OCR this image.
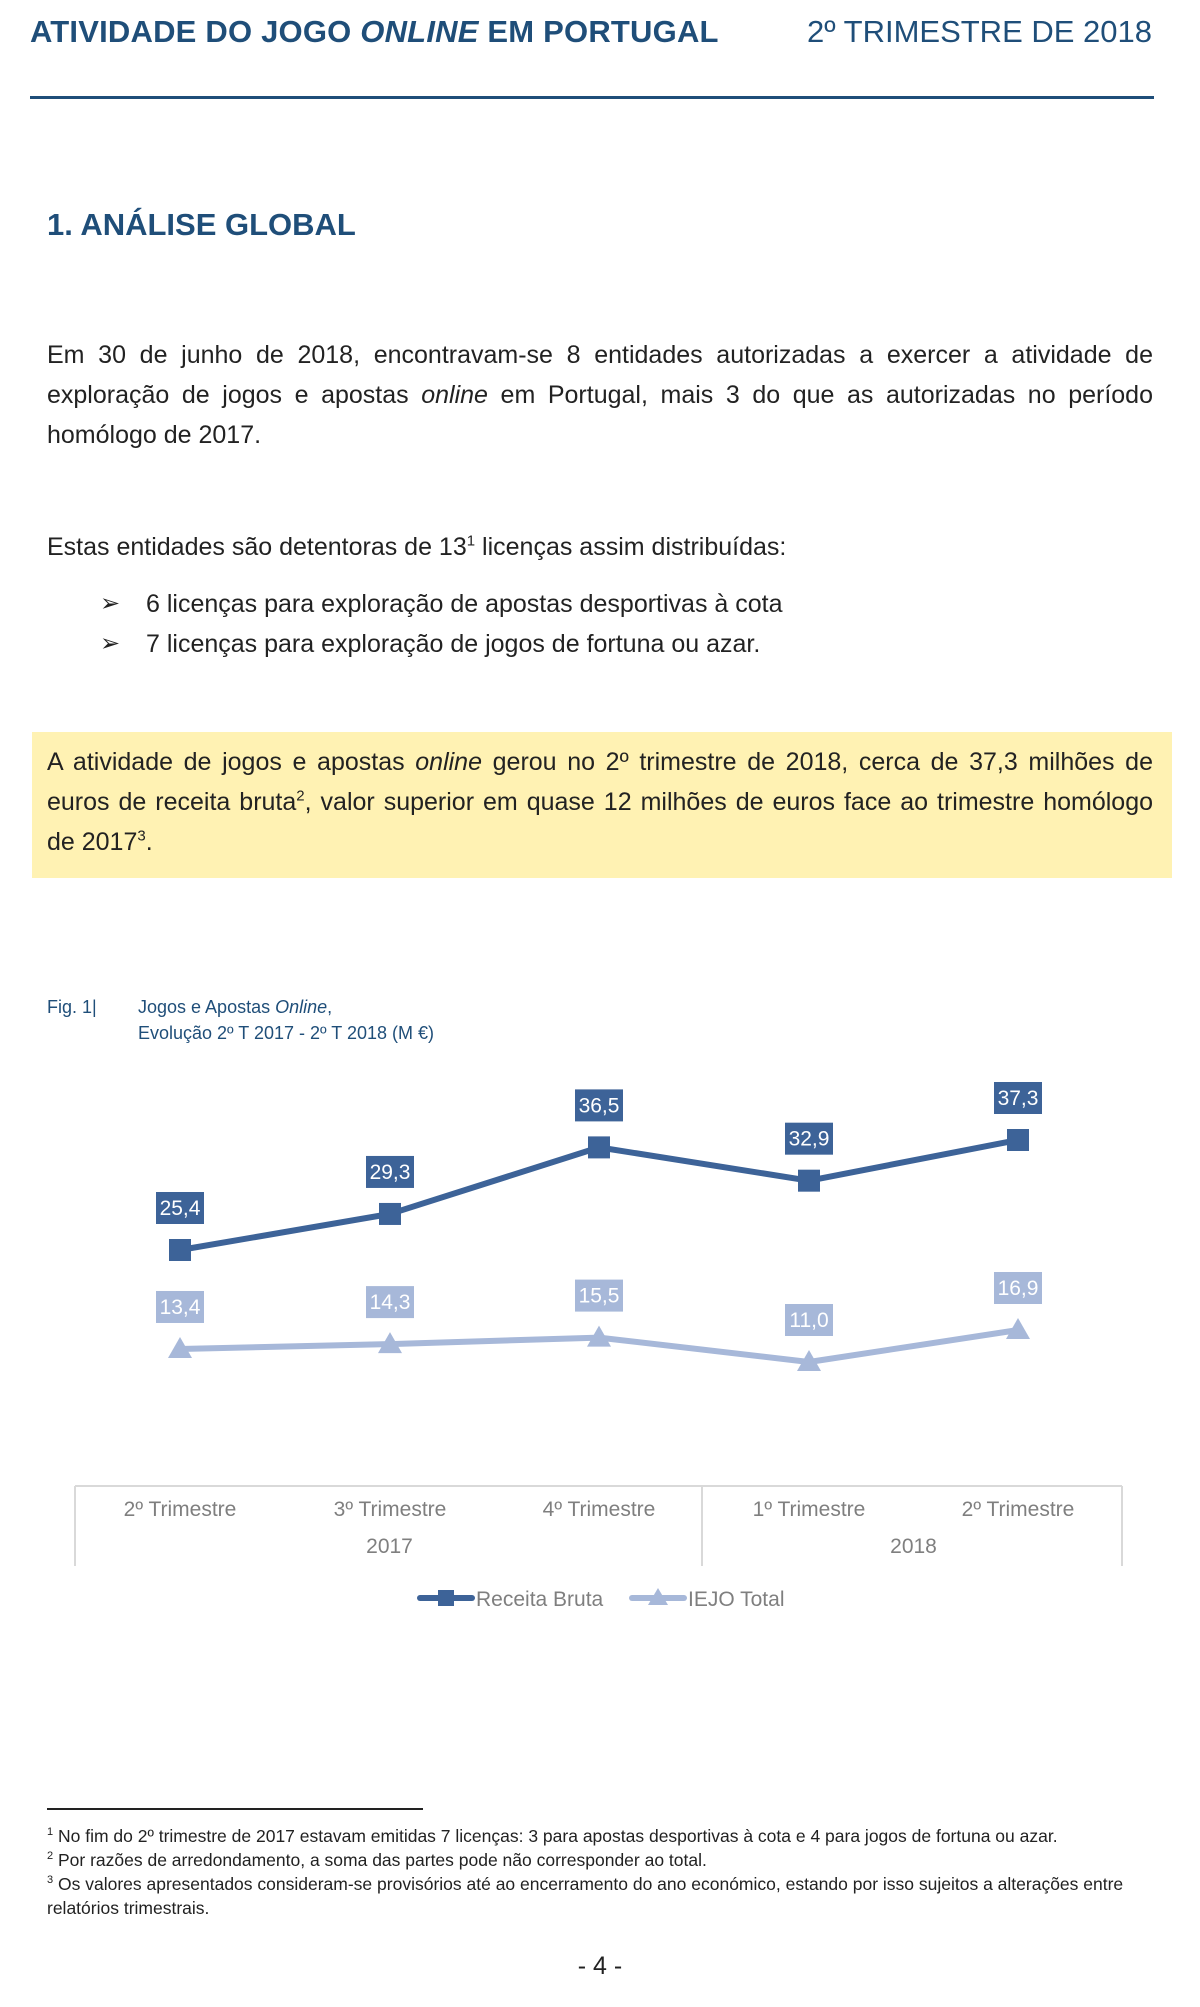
ATIVIDADE DO JOGO ONLINE EM PORTUGAL	2º TRIMESTRE DE 2018
1. ANÁLISE GLOBAL
Em 30 de junho de 2018, encontravam-se 8 entidades autorizadas a exercer a atividade de exploração de jogos e apostas online em Portugal, mais 3 do que as autorizadas no período homólogo de 2017.
Estas entidades são detentoras de $13^1$ licenças assim distribuídas:
➢ 6 licenças para exploração de apostas desportivas à cota
➢ 7 licenças para exploração de jogos de fortuna ou azar.
A atividade de jogos e apostas online gerou no 2º trimestre de 2018, cerca de 37,3 milhões de euros de receita bruta$^2$, valor superior em quase 12 milhões de euros face ao trimestre homólogo de 2017$^3$.
Fig. 1| Jogos e Apostas Online,
Evolução 2º T 2017 - 2º T 2018 (M €)
25,4
29,3
36,5
32,9
37,3
13,4	14,3	15,5
11,0
16,9
2º Trimestre	3º Trimestre	4º Trimestre	1º Trimestre	2º Trimestre
2017	2018
Receita Bruta	IEJO Total

$^1$ No fim do 2º trimestre de 2017 estavam emitidas 7 licenças: 3 para apostas desportivas à cota e 4 para jogos de fortuna ou azar.

$^2$ Por razões de arredondamento, a soma das partes pode não corresponder ao total.

$^3$ Os valores apresentados consideram-se provisórios até ao encerramento do ano económico, estando por isso sujeitos a alterações entre relatórios trimestrais.

- 4 -
